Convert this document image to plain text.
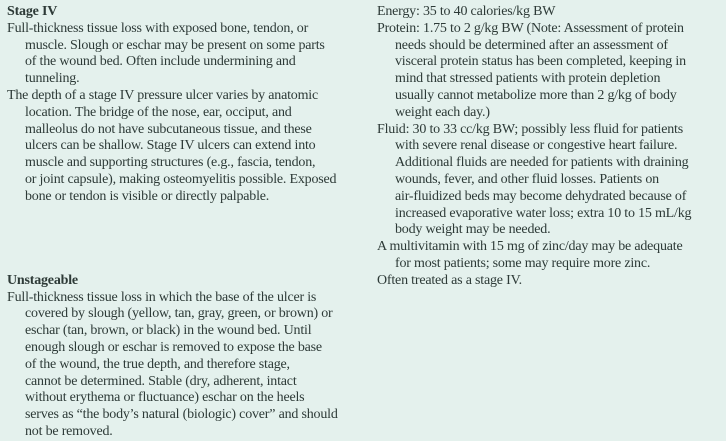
Stage IV
Full-thickness tissue loss with exposed bone, tendon, or
muscle. Slough or eschar may be present on some parts
of the wound bed. Often include undermining and
tunneling.
The depth of a stage IV pressure ulcer varies by anatomic
location. The bridge of the nose, ear, occiput, and
malleolus do not have subcutaneous tissue, and these
ulcers can be shallow. Stage IV ulcers can extend into
muscle and supporting structures (e.g., fascia, tendon,
or joint capsule), making osteomyelitis possible. Exposed
bone or tendon is visible or directly palpable.
Unstageable
Full-thickness tissue loss in which the base of the ulcer is
covered by slough (yellow, tan, gray, green, or brown) or
eschar (tan, brown, or black) in the wound bed. Until
enough slough or eschar is removed to expose the base
of the wound, the true depth, and therefore stage,
cannot be determined. Stable (dry, adherent, intact
without erythema or fluctuance) eschar on the heels
serves as “the body’s natural (biologic) cover” and should
not be removed.
Energy: 35 to 40 calories/kg BW
Protein: 1.75 to 2 g/kg BW (Note: Assessment of protein
needs should be determined after an assessment of
visceral protein status has been completed, keeping in
mind that stressed patients with protein depletion
usually cannot metabolize more than 2 g/kg of body
weight each day.)
Fluid: 30 to 33 cc/kg BW; possibly less fluid for patients
with severe renal disease or congestive heart failure.
Additional fluids are needed for patients with draining
wounds, fever, and other fluid losses. Patients on
air-fluidized beds may become dehydrated because of
increased evaporative water loss; extra 10 to 15 mL/kg
body weight may be needed.
A multivitamin with 15 mg of zinc/day may be adequate
for most patients; some may require more zinc.
Often treated as a stage IV.
